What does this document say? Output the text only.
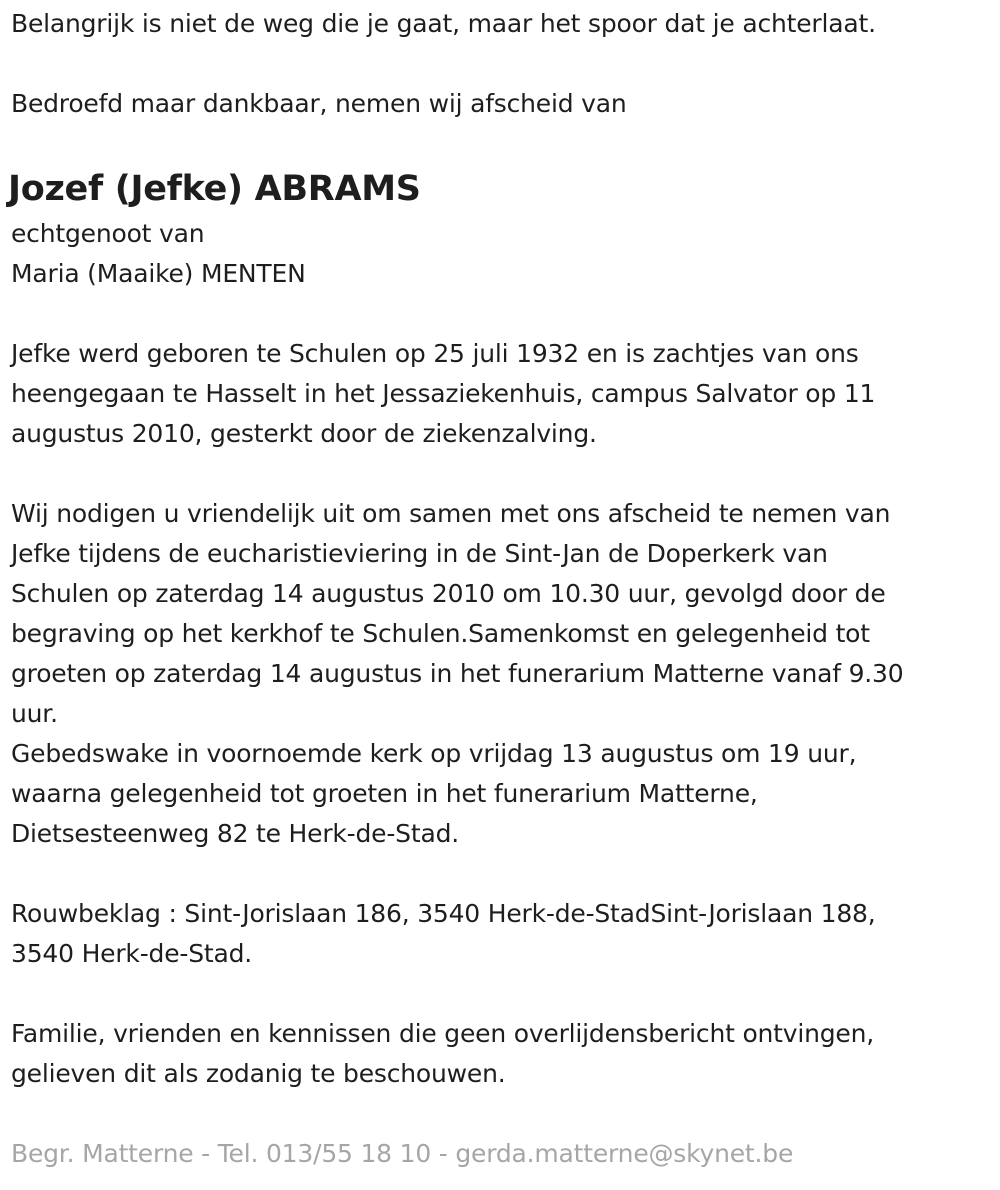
Belangrijk is niet de weg die je gaat, maar het spoor dat je achterlaat.
Bedroefd maar dankbaar, nemen wij afscheid van
Jozef (Jefke) ABRAMS
echtgenoot van
Maria (Maaike) MENTEN
Jefke werd geboren te Schulen op 25 juli 1932 en is zachtjes van ons
heengegaan te Hasselt in het Jessaziekenhuis, campus Salvator op 11
augustus 2010, gesterkt door de ziekenzalving.
Wij nodigen u vriendelijk uit om samen met ons afscheid te nemen van
Jefke tijdens de eucharistieviering in de Sint-Jan de Doperkerk van
Schulen op zaterdag 14 augustus 2010 om 10.30 uur, gevolgd door de
begraving op het kerkhof te Schulen.Samenkomst en gelegenheid tot
groeten op zaterdag 14 augustus in het funerarium Matterne vanaf 9.30
uur.
Gebedswake in voornoemde kerk op vrijdag 13 augustus om 19 uur,
waarna gelegenheid tot groeten in het funerarium Matterne,
Dietsesteenweg 82 te Herk-de-Stad.
Rouwbeklag : Sint-Jorislaan 186, 3540 Herk-de-StadSint-Jorislaan 188,
3540 Herk-de-Stad.
Familie, vrienden en kennissen die geen overlijdensbericht ontvingen,
gelieven dit als zodanig te beschouwen.
Begr. Matterne - Tel. 013/55 18 10 - gerda.matterne@skynet.be
